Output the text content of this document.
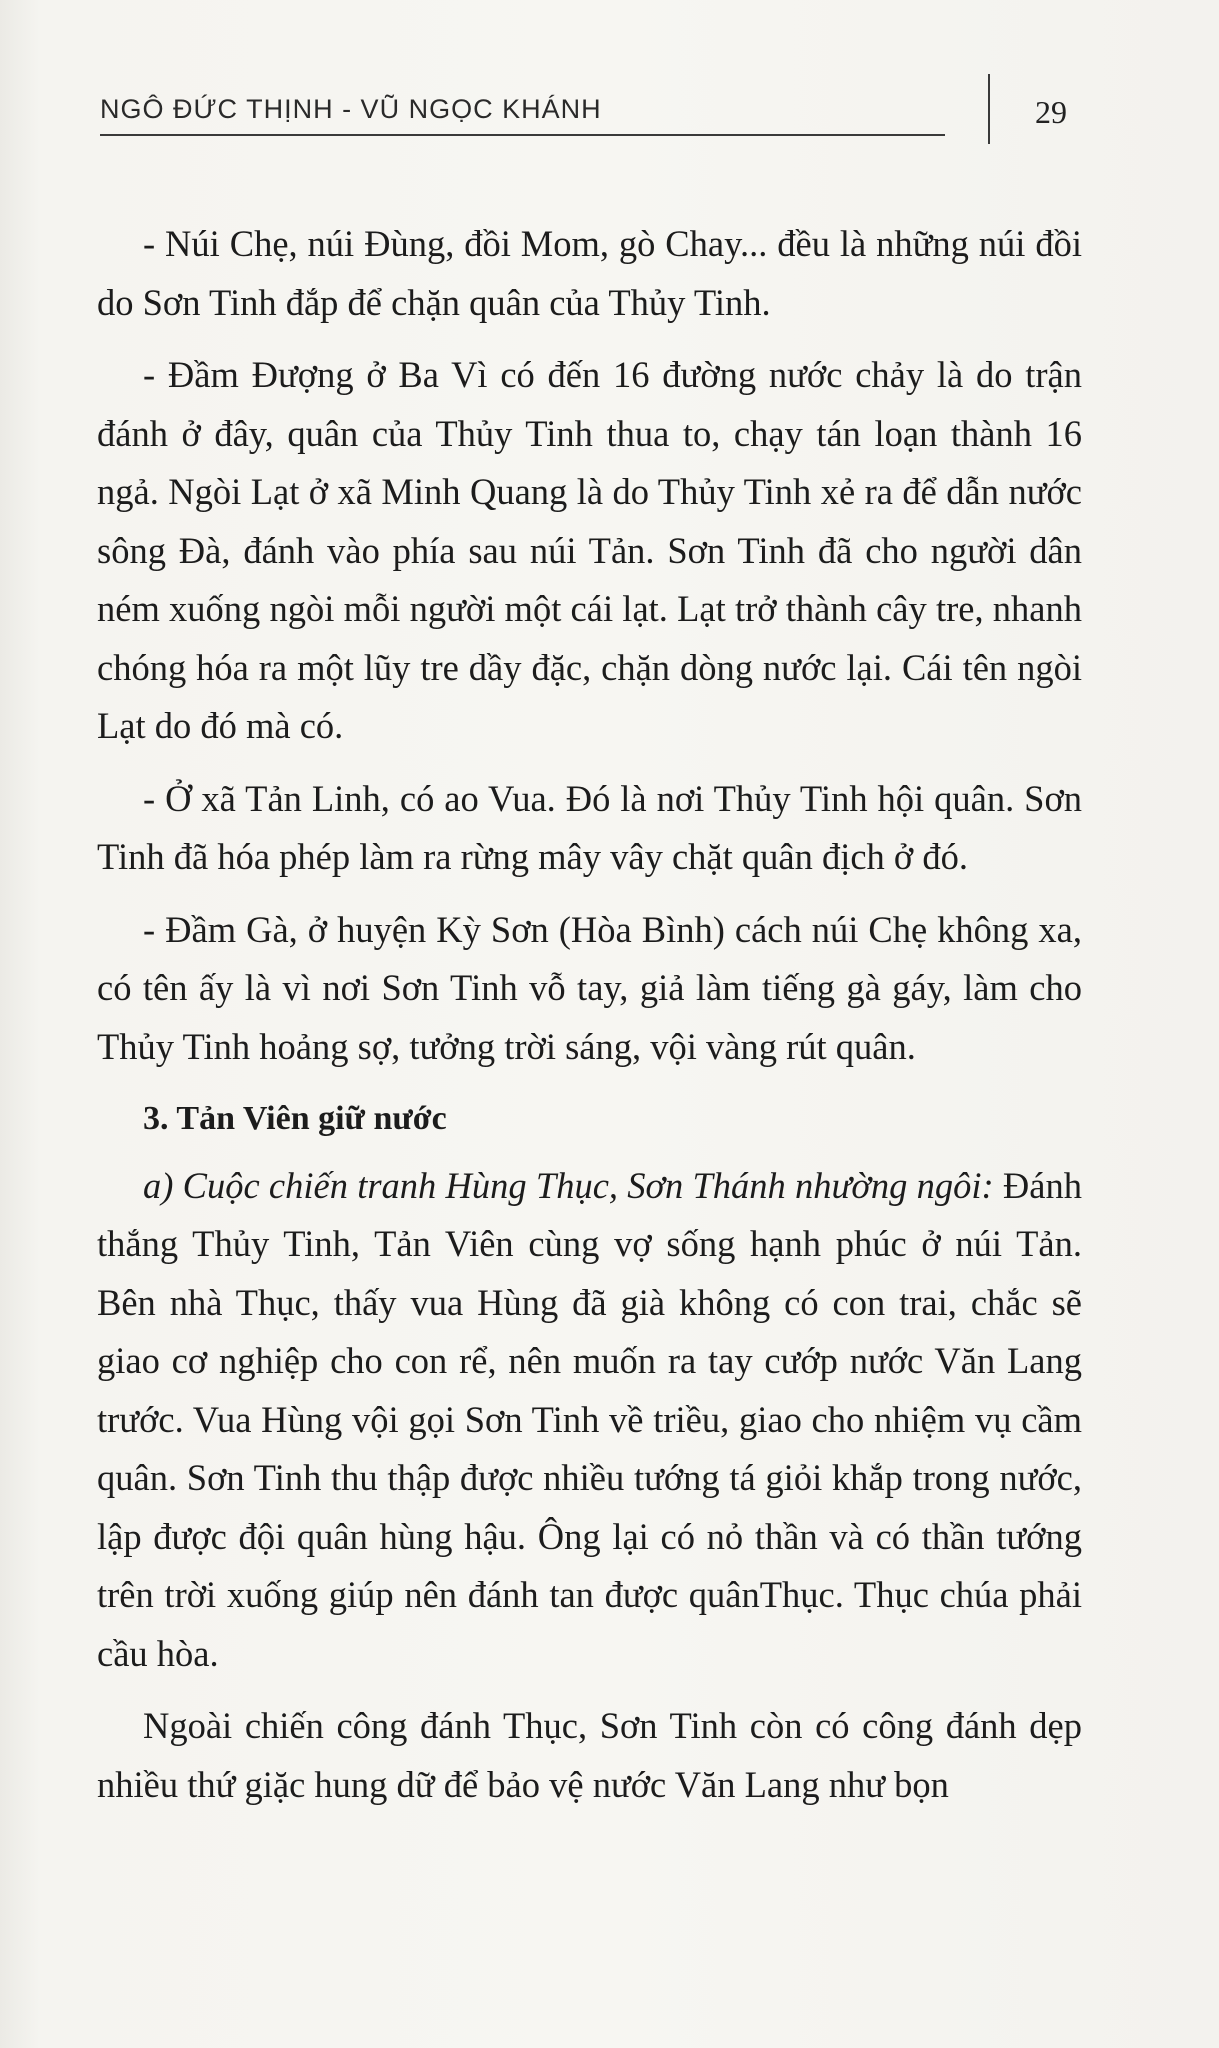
NGÔ ĐỨC THỊNH - VŨ NGỌC KHÁNH	29

- Núi Chẹ, núi Đùng, đồi Mom, gò Chay... đều là những núi đồi do Sơn Tinh đắp để chặn quân của Thủy Tinh.

- Đầm Đượng ở Ba Vì có đến 16 đường nước chảy là do trận đánh ở đây, quân của Thủy Tinh thua to, chạy tán loạn thành 16 ngả. Ngòi Lạt ở xã Minh Quang là do Thủy Tinh xẻ ra để dẫn nước sông Đà, đánh vào phía sau núi Tản. Sơn Tinh đã cho người dân ném xuống ngòi mỗi người một cái lạt. Lạt trở thành cây tre, nhanh chóng hóa ra một lũy tre dầy đặc, chặn dòng nước lại. Cái tên ngòi Lạt do đó mà có.

- Ở xã Tản Linh, có ao Vua. Đó là nơi Thủy Tinh hội quân. Sơn Tinh đã hóa phép làm ra rừng mây vây chặt quân địch ở đó.

- Đầm Gà, ở huyện Kỳ Sơn (Hòa Bình) cách núi Chẹ không xa, có tên ấy là vì nơi Sơn Tinh vỗ tay, giả làm tiếng gà gáy, làm cho Thủy Tinh hoảng sợ, tưởng trời sáng, vội vàng rút quân.

3. Tản Viên giữ nước

a) Cuộc chiến tranh Hùng Thục, Sơn Thánh nhường ngôi: Đánh thắng Thủy Tinh, Tản Viên cùng vợ sống hạnh phúc ở núi Tản. Bên nhà Thục, thấy vua Hùng đã già không có con trai, chắc sẽ giao cơ nghiệp cho con rể, nên muốn ra tay cướp nước Văn Lang trước. Vua Hùng vội gọi Sơn Tinh về triều, giao cho nhiệm vụ cầm quân. Sơn Tinh thu thập được nhiều tướng tá giỏi khắp trong nước, lập được đội quân hùng hậu. Ông lại có nỏ thần và có thần tướng trên trời xuống giúp nên đánh tan được quânThục. Thục chúa phải cầu hòa.

Ngoài chiến công đánh Thục, Sơn Tinh còn có công đánh dẹp nhiều thứ giặc hung dữ để bảo vệ nước Văn Lang như bọn
